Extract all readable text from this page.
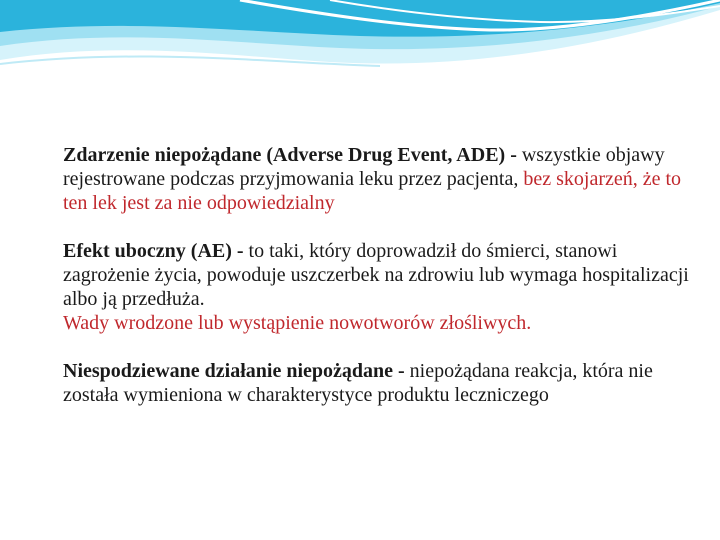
Zdarzenie niepożądane (Adverse Drug Event, ADE) - wszystkie objawy rejestrowane podczas przyjmowania leku przez pacjenta, bez skojarzeń, że to ten lek jest za nie odpowiedzialny

Efekt uboczny (AE) - to taki, który doprowadził do śmierci, stanowi zagrożenie życia, powoduje uszczerbek na zdrowiu lub wymaga hospitalizacji albo ją przedłuża.
Wady wrodzone lub wystąpienie nowotworów złośliwych.

Niespodziewane działanie niepożądane - niepożądana reakcja, która nie została wymieniona w charakterystyce produktu leczniczego
